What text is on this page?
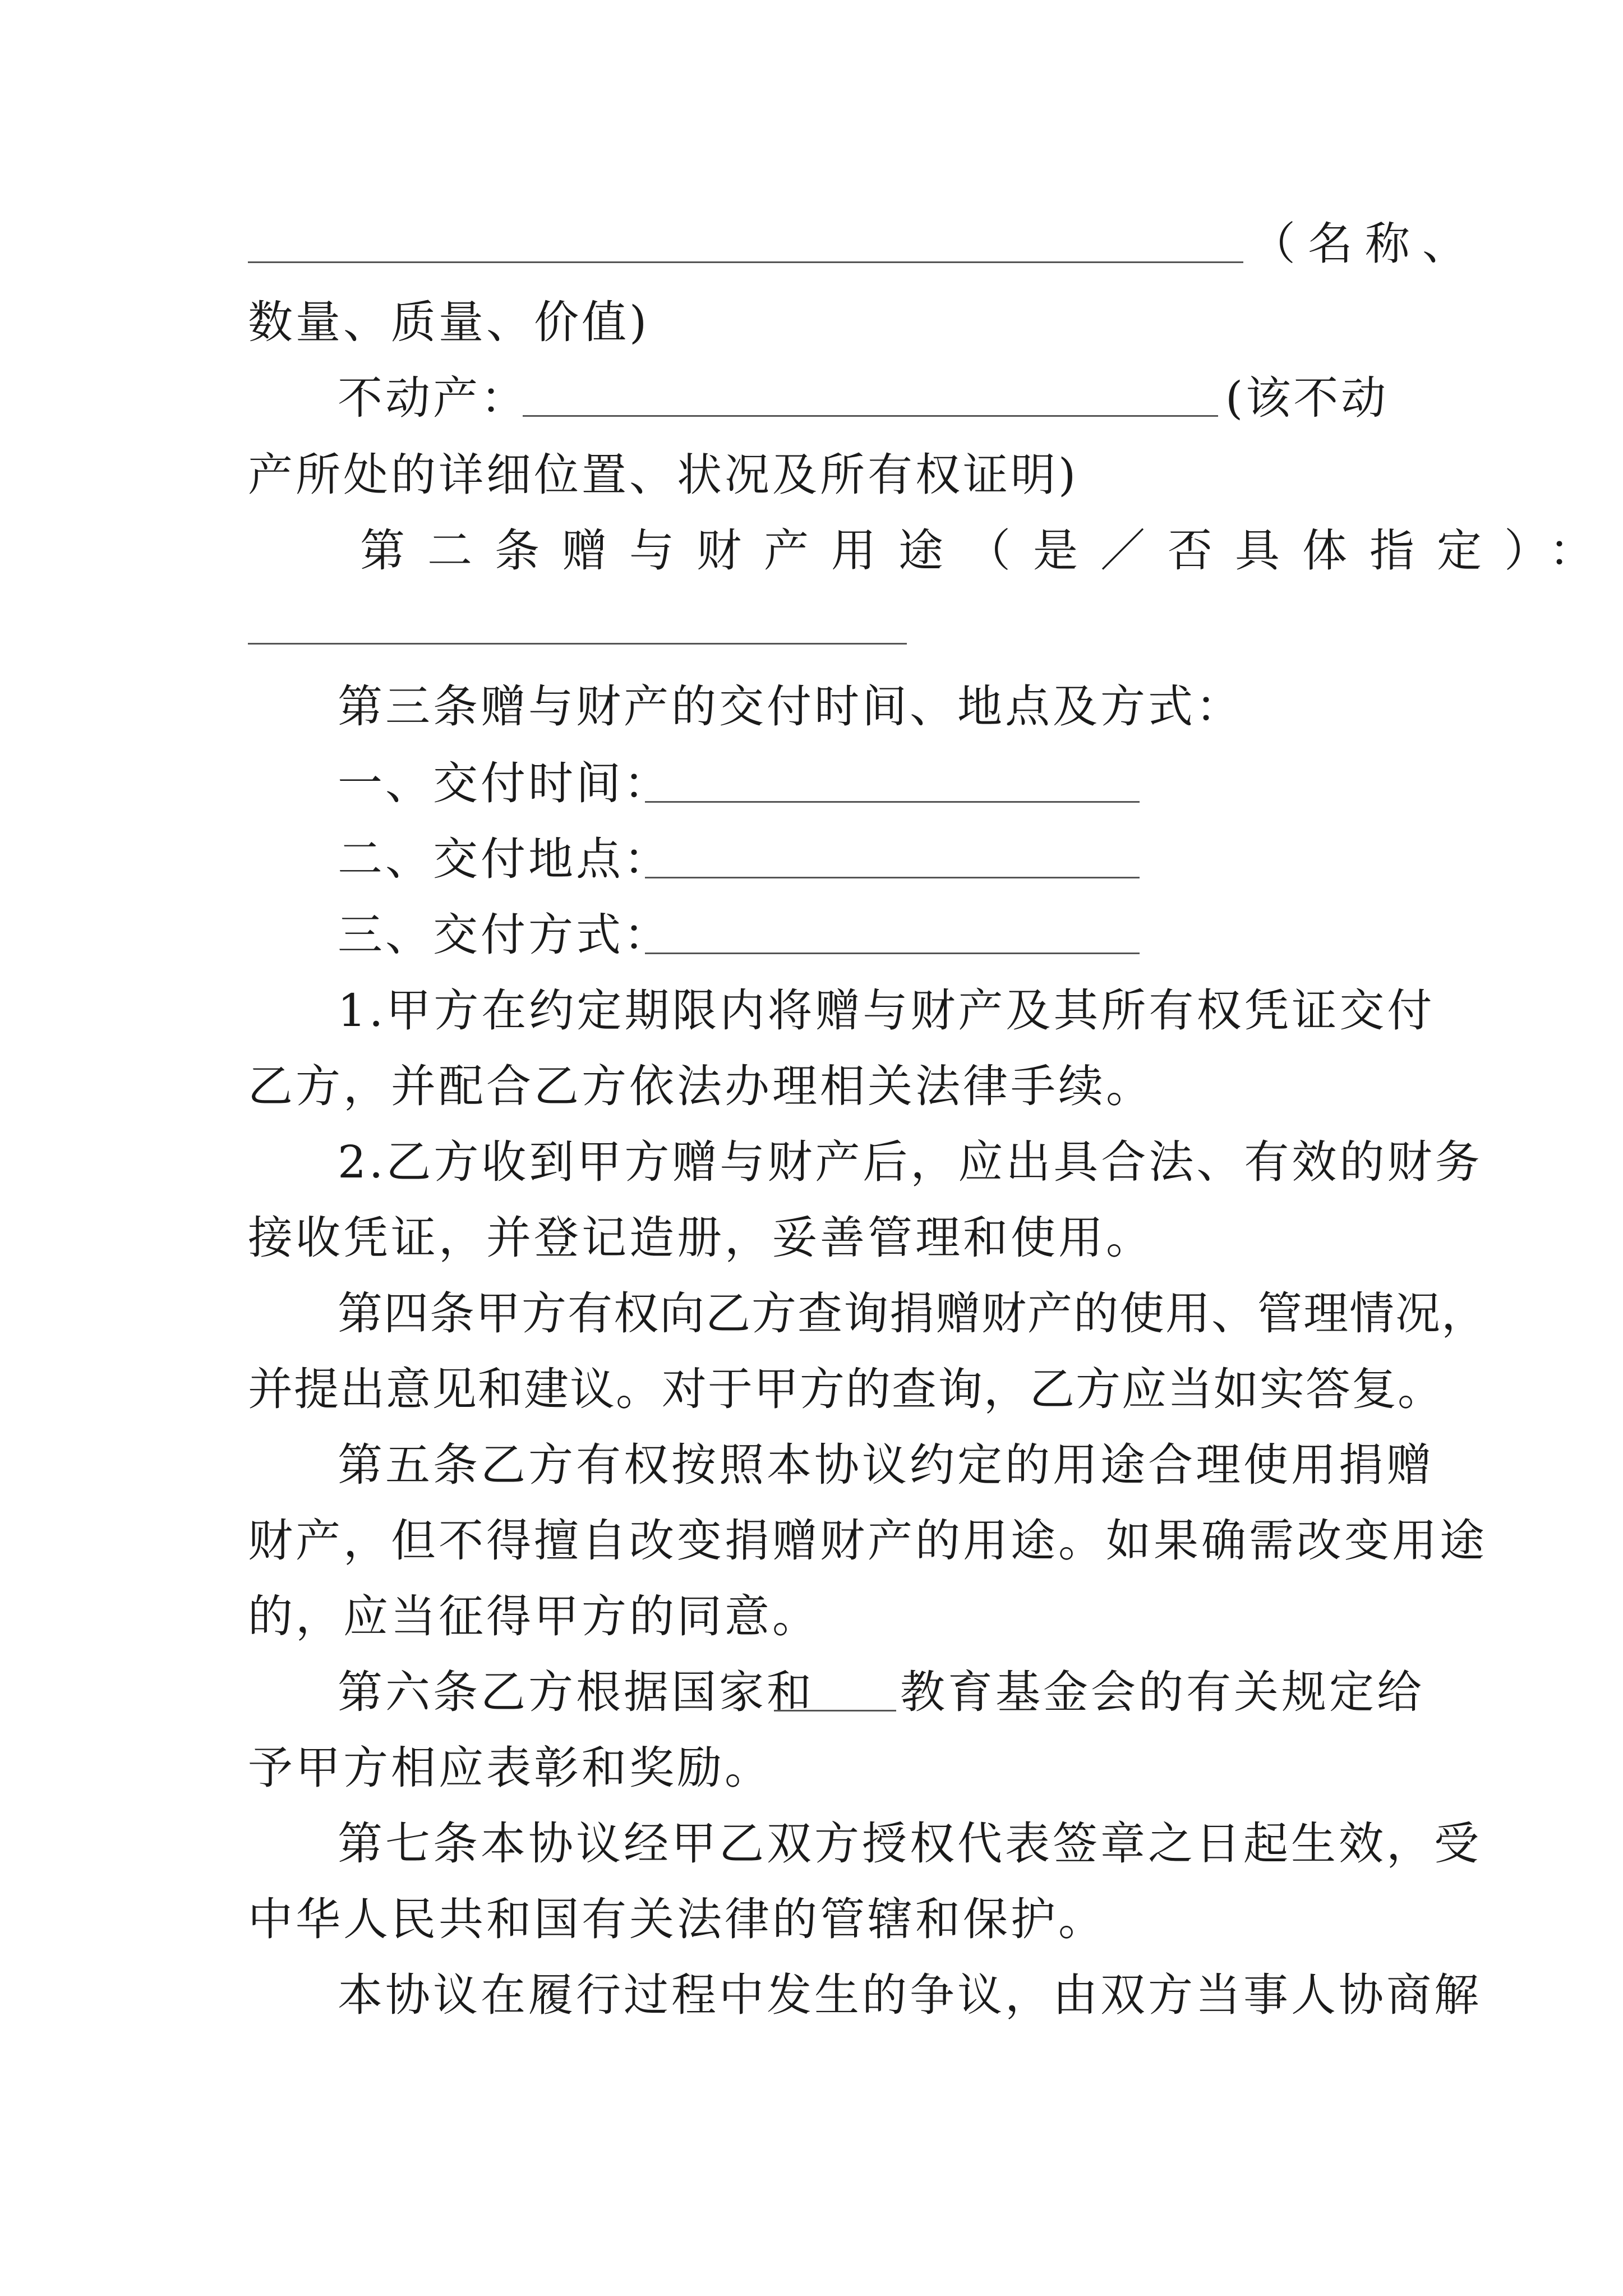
（名称、
数量、质量、价值)
不动产：	(该不动
产所处的详细位置、状况及所有权证明)
第二条赠与财产用途（是／否具体指定）：
第三条赠与财产的交付时间、地点及方式：
一、交付时间：
二、交付地点：
三、交付方式：
1.甲方在约定期限内将赠与财产及其所有权凭证交付
乙方，并配合乙方依法办理相关法律手续。
2.乙方收到甲方赠与财产后，应出具合法、有效的财务
接收凭证，并登记造册，妥善管理和使用。
第四条甲方有权向乙方查询捐赠财产的使用、管理情况，
并提出意见和建议。对于甲方的查询，乙方应当如实答复。
第五条乙方有权按照本协议约定的用途合理使用捐赠
财产，但不得擅自改变捐赠财产的用途。如果确需改变用途
的，应当征得甲方的同意。
第六条乙方根据国家和	教育基金会的有关规定给
予甲方相应表彰和奖励。
第七条本协议经甲乙双方授权代表签章之日起生效，受
中华人民共和国有关法律的管辖和保护。
本协议在履行过程中发生的争议，由双方当事人协商解
